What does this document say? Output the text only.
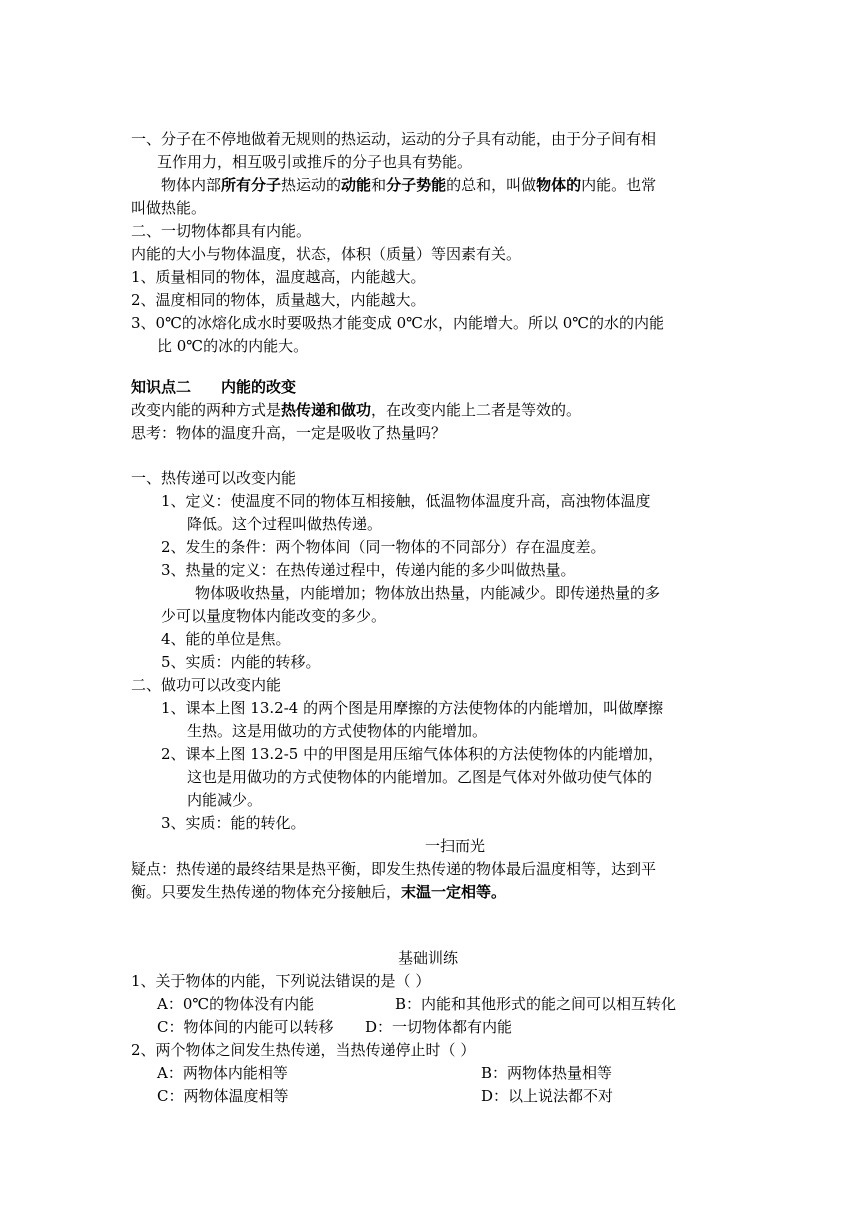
一、分子在不停地做着无规则的热运动，运动的分子具有动能，由于分子间有相
互作用力，相互吸引或推斥的分子也具有势能。
物体内部所有分子热运动的动能和分子势能的总和，叫做物体的内能。也常
叫做热能。
二、一切物体都具有内能。
内能的大小与物体温度，状态，体积（质量）等因素有关。
1、质量相同的物体，温度越高，内能越大。
2、温度相同的物体，质量越大，内能越大。
3、0℃的冰熔化成水时要吸热才能变成 0℃水，内能增大。所以 0℃的水的内能
比 0℃的冰的内能大。
知识点二 内能的改变
改变内能的两种方式是热传递和做功，在改变内能上二者是等效的。
思考：物体的温度升高，一定是吸收了热量吗？
一、热传递可以改变内能
1、定义：使温度不同的物体互相接触，低温物体温度升高，高浊物体温度
降低。这个过程叫做热传递。
2、发生的条件：两个物体间（同一物体的不同部分）存在温度差。
3、热量的定义：在热传递过程中，传递内能的多少叫做热量。
物体吸收热量，内能增加；物体放出热量，内能减少。即传递热量的多
少可以量度物体内能改变的多少。
4、能的单位是焦。
5、实质：内能的转移。
二、做功可以改变内能
1、课本上图 13.2-4 的两个图是用摩擦的方法使物体的内能增加，叫做摩擦
生热。这是用做功的方式使物体的内能增加。
2、课本上图 13.2-5 中的甲图是用压缩气体体积的方法使物体的内能增加，
这也是用做功的方式使物体的内能增加。乙图是气体对外做功使气体的
内能减少。
3、实质：能的转化。
一扫而光
疑点：热传递的最终结果是热平衡，即发生热传递的物体最后温度相等，达到平
衡。只要发生热传递的物体充分接触后，末温一定相等。
基础训练
1、关于物体的内能，下列说法错误的是（ ）
A：0℃的物体没有内能	B：内能和其他形式的能之间可以相互转化
C：物体间的内能可以转移 D：一切物体都有内能
2、两个物体之间发生热传递，当热传递停止时（ ）
A：两物体内能相等	B：两物体热量相等
C：两物体温度相等	D：以上说法都不对
